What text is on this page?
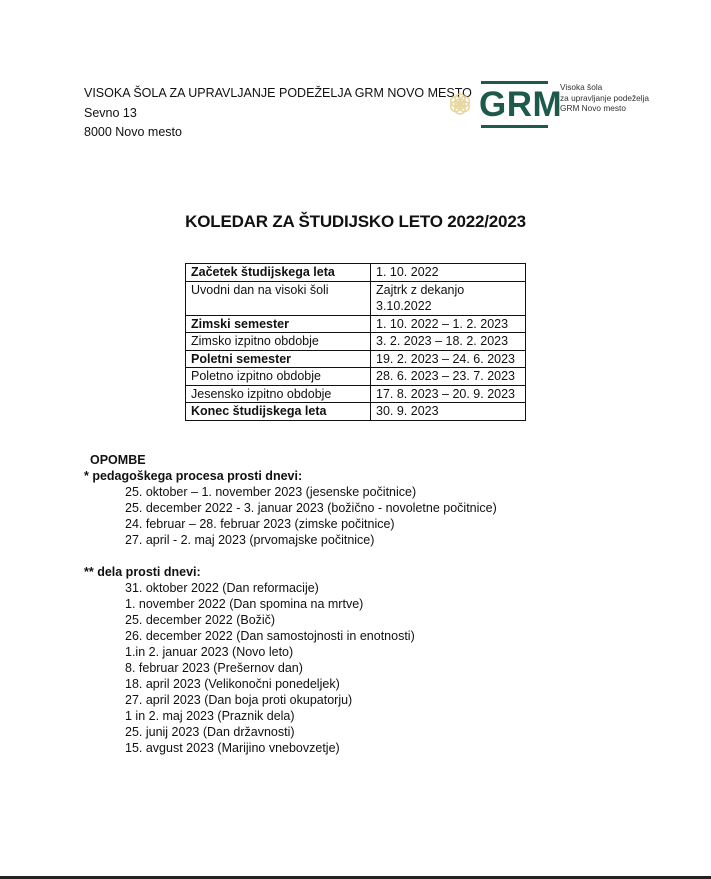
VISOKA ŠOLA ZA UPRAVLJANJE PODEŽELJA GRM NOVO MESTO
Sevno 13
8000 Novo mesto
GRM
Visoka šola
za upravljanje podeželja
GRM Novo mesto
KOLEDAR ZA ŠTUDIJSKO LETO 2022/2023
Začetek študijskega leta	1. 10. 2022
Uvodni dan na visoki šoli	Zajtrk z dekanjo
3.10.2022

Zimski semester	1. 10. 2022 – 1. 2. 2023
Zimsko izpitno obdobje	3. 2. 2023 – 18. 2. 2023
Poletni semester	19. 2. 2023 – 24. 6. 2023
Poletno izpitno obdobje	28. 6. 2023 – 23. 7. 2023
Jesensko izpitno obdobje	17. 8. 2023 – 20. 9. 2023
Konec študijskega leta	30. 9. 2023
OPOMBE
* pedagoškega procesa prosti dnevi:
25. oktober – 1. november 2023 (jesenske počitnice)
25. december 2022 - 3. januar 2023 (božično - novoletne počitnice)
24. februar – 28. februar 2023 (zimske počitnice)
27. april - 2. maj 2023 (prvomajske počitnice)
** dela prosti dnevi:
31. oktober 2022 (Dan reformacije)
1. november 2022 (Dan spomina na mrtve)
25. december 2022 (Božič)
26. december 2022 (Dan samostojnosti in enotnosti)
1.in 2. januar 2023 (Novo leto)
8. februar 2023 (Prešernov dan)
18. april 2023 (Velikonočni ponedeljek)
27. april 2023 (Dan boja proti okupatorju)
1 in 2. maj 2023 (Praznik dela)
25. junij 2023 (Dan državnosti)
15. avgust 2023 (Marijino vnebovzetje)
